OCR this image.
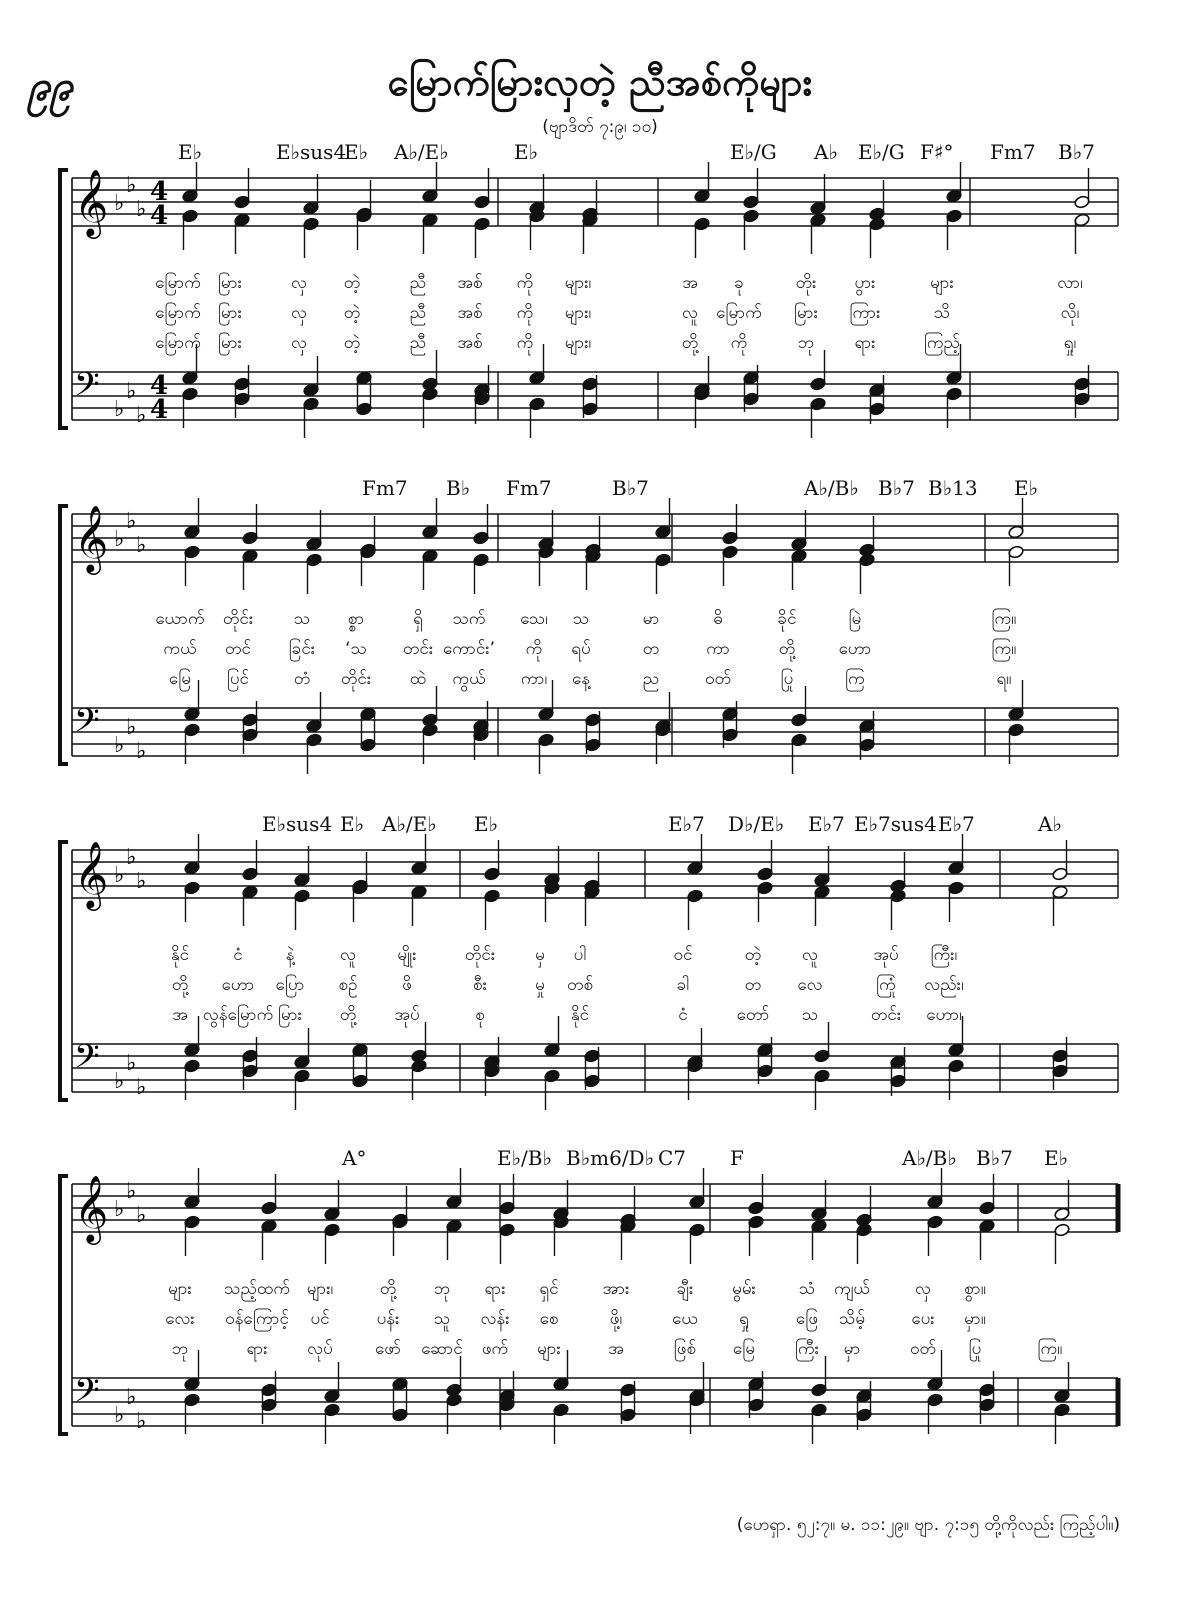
၉၉	မြောက်မြားလှတဲ့ ညီအစ်ကိုများ
(ဗျာဒိတ် ၇:၉၊ ၁၀)
𝄞
𝄢
♭
♭
♭
♭
♭
♭
4
4
4
4
E♭	E♭sus4
E♭ A♭/E♭	E♭	E♭/G A♭ E♭/G F♯° Fm7 B♭7
မြောက် မြား	လှ တဲ့	ညီ အစ် ကို များ၊	အ ခု	တိုး ပွား	များ	လာ၊
မြောက် မြား	လှ တဲ့	ညီ အစ် ကို များ၊	လူ မြောက် မြား ကြား	သိ	လို၊
မြောက် မြား	လှ တဲ့	ညီ အစ် ကို များ၊	တို့ ကို	ဘု ရား	ကြည့်	ရှု၊
𝄞
𝄢
♭
♭
♭
♭
♭
♭
Fm7 B♭ Fm7	B♭7	A♭/B♭ B♭7 B♭13 E♭
ယောက် တိုင်း သ စ္စာ	ရှိ သက် သေ၊ သ	မာ	ဓိ	ခိုင်	မြဲ	ကြ။
ကယ် တင် ခြင်း ‘သ တင်း ကောင်း’ ကို ရပ်	တ	ကာ	တို့	ဟော	ကြ။
မြေ ပြင်	တံ တိုင်း ထဲ ကွယ် ကာ၊ နေ့	ည	ဝတ်	ပြု	ကြ	ရ။
𝄞
𝄢
♭
♭
♭
♭
♭
♭
E♭sus4 E♭ A♭/E♭ E♭	E♭7 D♭/E♭ E♭7 E♭7sus4 E♭7	A♭
နိုင်	ငံ	နဲ့	လူ မျိုး	တိုင်း မှ ပါ	ဝင်	တဲ့ လူ	အုပ် ကြီး၊
တို့ ဟော ပြော စဉ်	ဖိ	စီး	မှု တစ်	ခါ	တ လေ	ကြုံ လည်း၊
အ လွန်မြောက် မြား တို့ အုပ်	စု	နိုင်	ငံ	တော် သ	တင်း ဟော၊
𝄞
𝄢
♭
♭
♭
♭
♭
♭
A°	E♭/B♭ B♭m6/D♭ C7 F	A♭/B♭ B♭7 E♭
များ သည့်ထက် များ၊	တို့ ဘု ရား ရှင်	အား	ချီး မွမ်း	သံ ကျယ်	လှ စွာ။
လေး ဝန်ကြောင့် ပင်	ပန်း သူ လန်း စေ	ဖို့၊	ယေ ရှု	ဖြေ သိမ့်	ပေး မှာ။
ဘု	ရား လုပ် ဖော် ဆောင် ဖက် များ	အ	ဖြစ် မြေ ကြီး မှာ	ဝတ် ပြု	ကြ။
(ဟေရှာ. ၅၂:၇။ မ. ၁၁:၂၉။ ဗျာ. ၇:၁၅ တို့ကိုလည်း ကြည့်ပါ။)
